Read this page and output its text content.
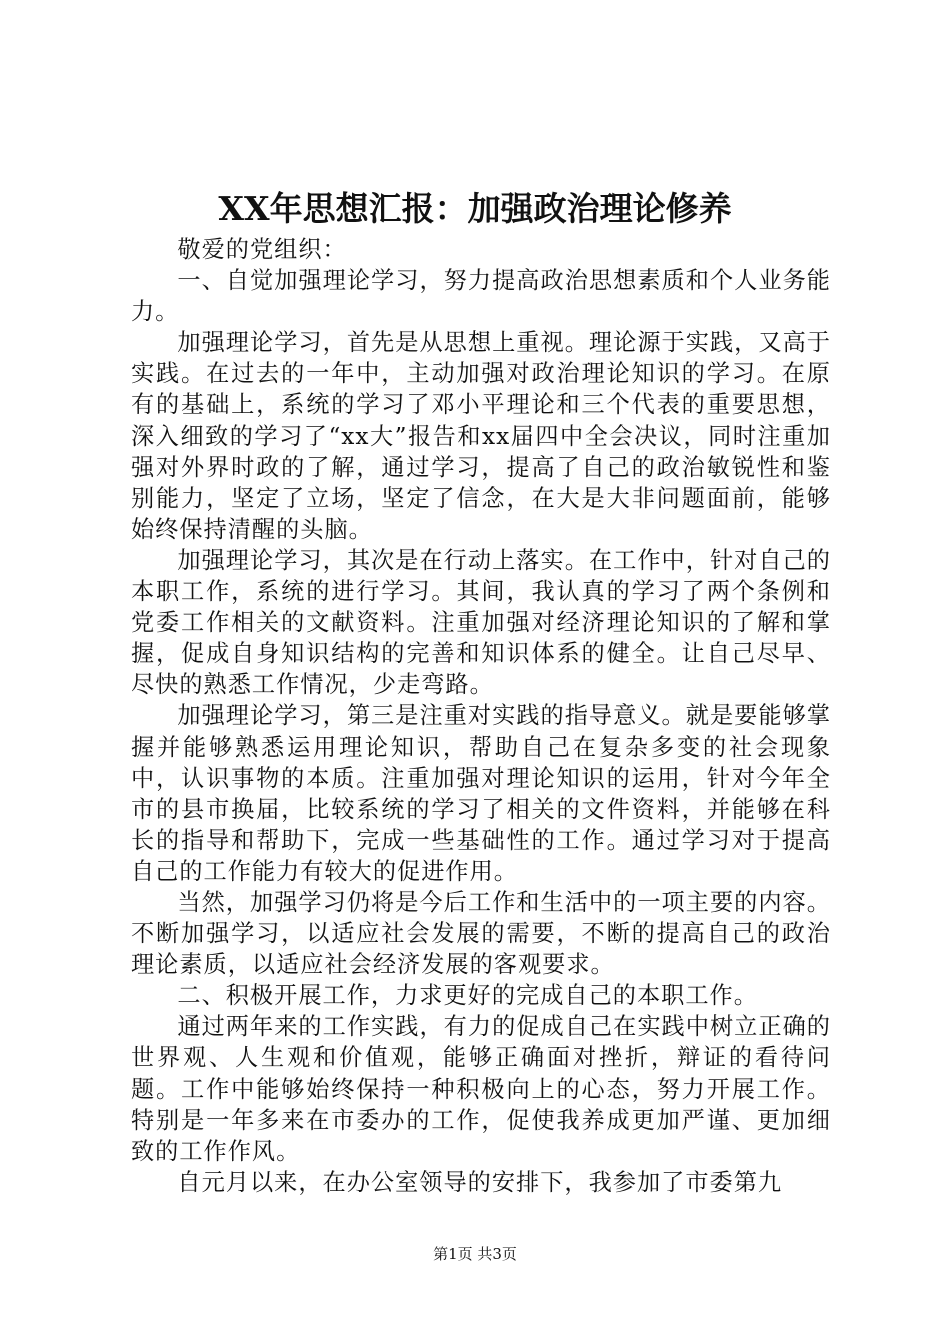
XX年思想汇报：加强政治理论修养

敬爱的党组织：

一、自觉加强理论学习，努力提高政治思想素质和个人业务能力。

加强理论学习，首先是从思想上重视。理论源于实践，又高于实践。在过去的一年中，主动加强对政治理论知识的学习。在原有的基础上，系统的学习了邓小平理论和三个代表的重要思想，深入细致的学习了“xx大”报告和xx届四中全会决议，同时注重加强对外界时政的了解，通过学习，提高了自己的政治敏锐性和鉴别能力，坚定了立场，坚定了信念，在大是大非问题面前，能够始终保持清醒的头脑。

加强理论学习，其次是在行动上落实。在工作中，针对自己的本职工作，系统的进行学习。其间，我认真的学习了两个条例和党委工作相关的文献资料。注重加强对经济理论知识的了解和掌握，促成自身知识结构的完善和知识体系的健全。让自己尽早、尽快的熟悉工作情况，少走弯路。

加强理论学习，第三是注重对实践的指导意义。就是要能够掌握并能够熟悉运用理论知识，帮助自己在复杂多变的社会现象中，认识事物的本质。注重加强对理论知识的运用，针对今年全市的县市换届，比较系统的学习了相关的文件资料，并能够在科长的指导和帮助下，完成一些基础性的工作。通过学习对于提高自己的工作能力有较大的促进作用。

当然，加强学习仍将是今后工作和生活中的一项主要的内容。不断加强学习，以适应社会发展的需要，不断的提高自己的政治理论素质，以适应社会经济发展的客观要求。

二、积极开展工作，力求更好的完成自己的本职工作。

通过两年来的工作实践，有力的促成自己在实践中树立正确的世界观、人生观和价值观，能够正确面对挫折，辩证的看待问题。工作中能够始终保持一种积极向上的心态，努力开展工作。特别是一年多来在市委办的工作，促使我养成更加严谨、更加细致的工作作风。

自元月以来，在办公室领导的安排下，我参加了市委第九

第1页 共3页
